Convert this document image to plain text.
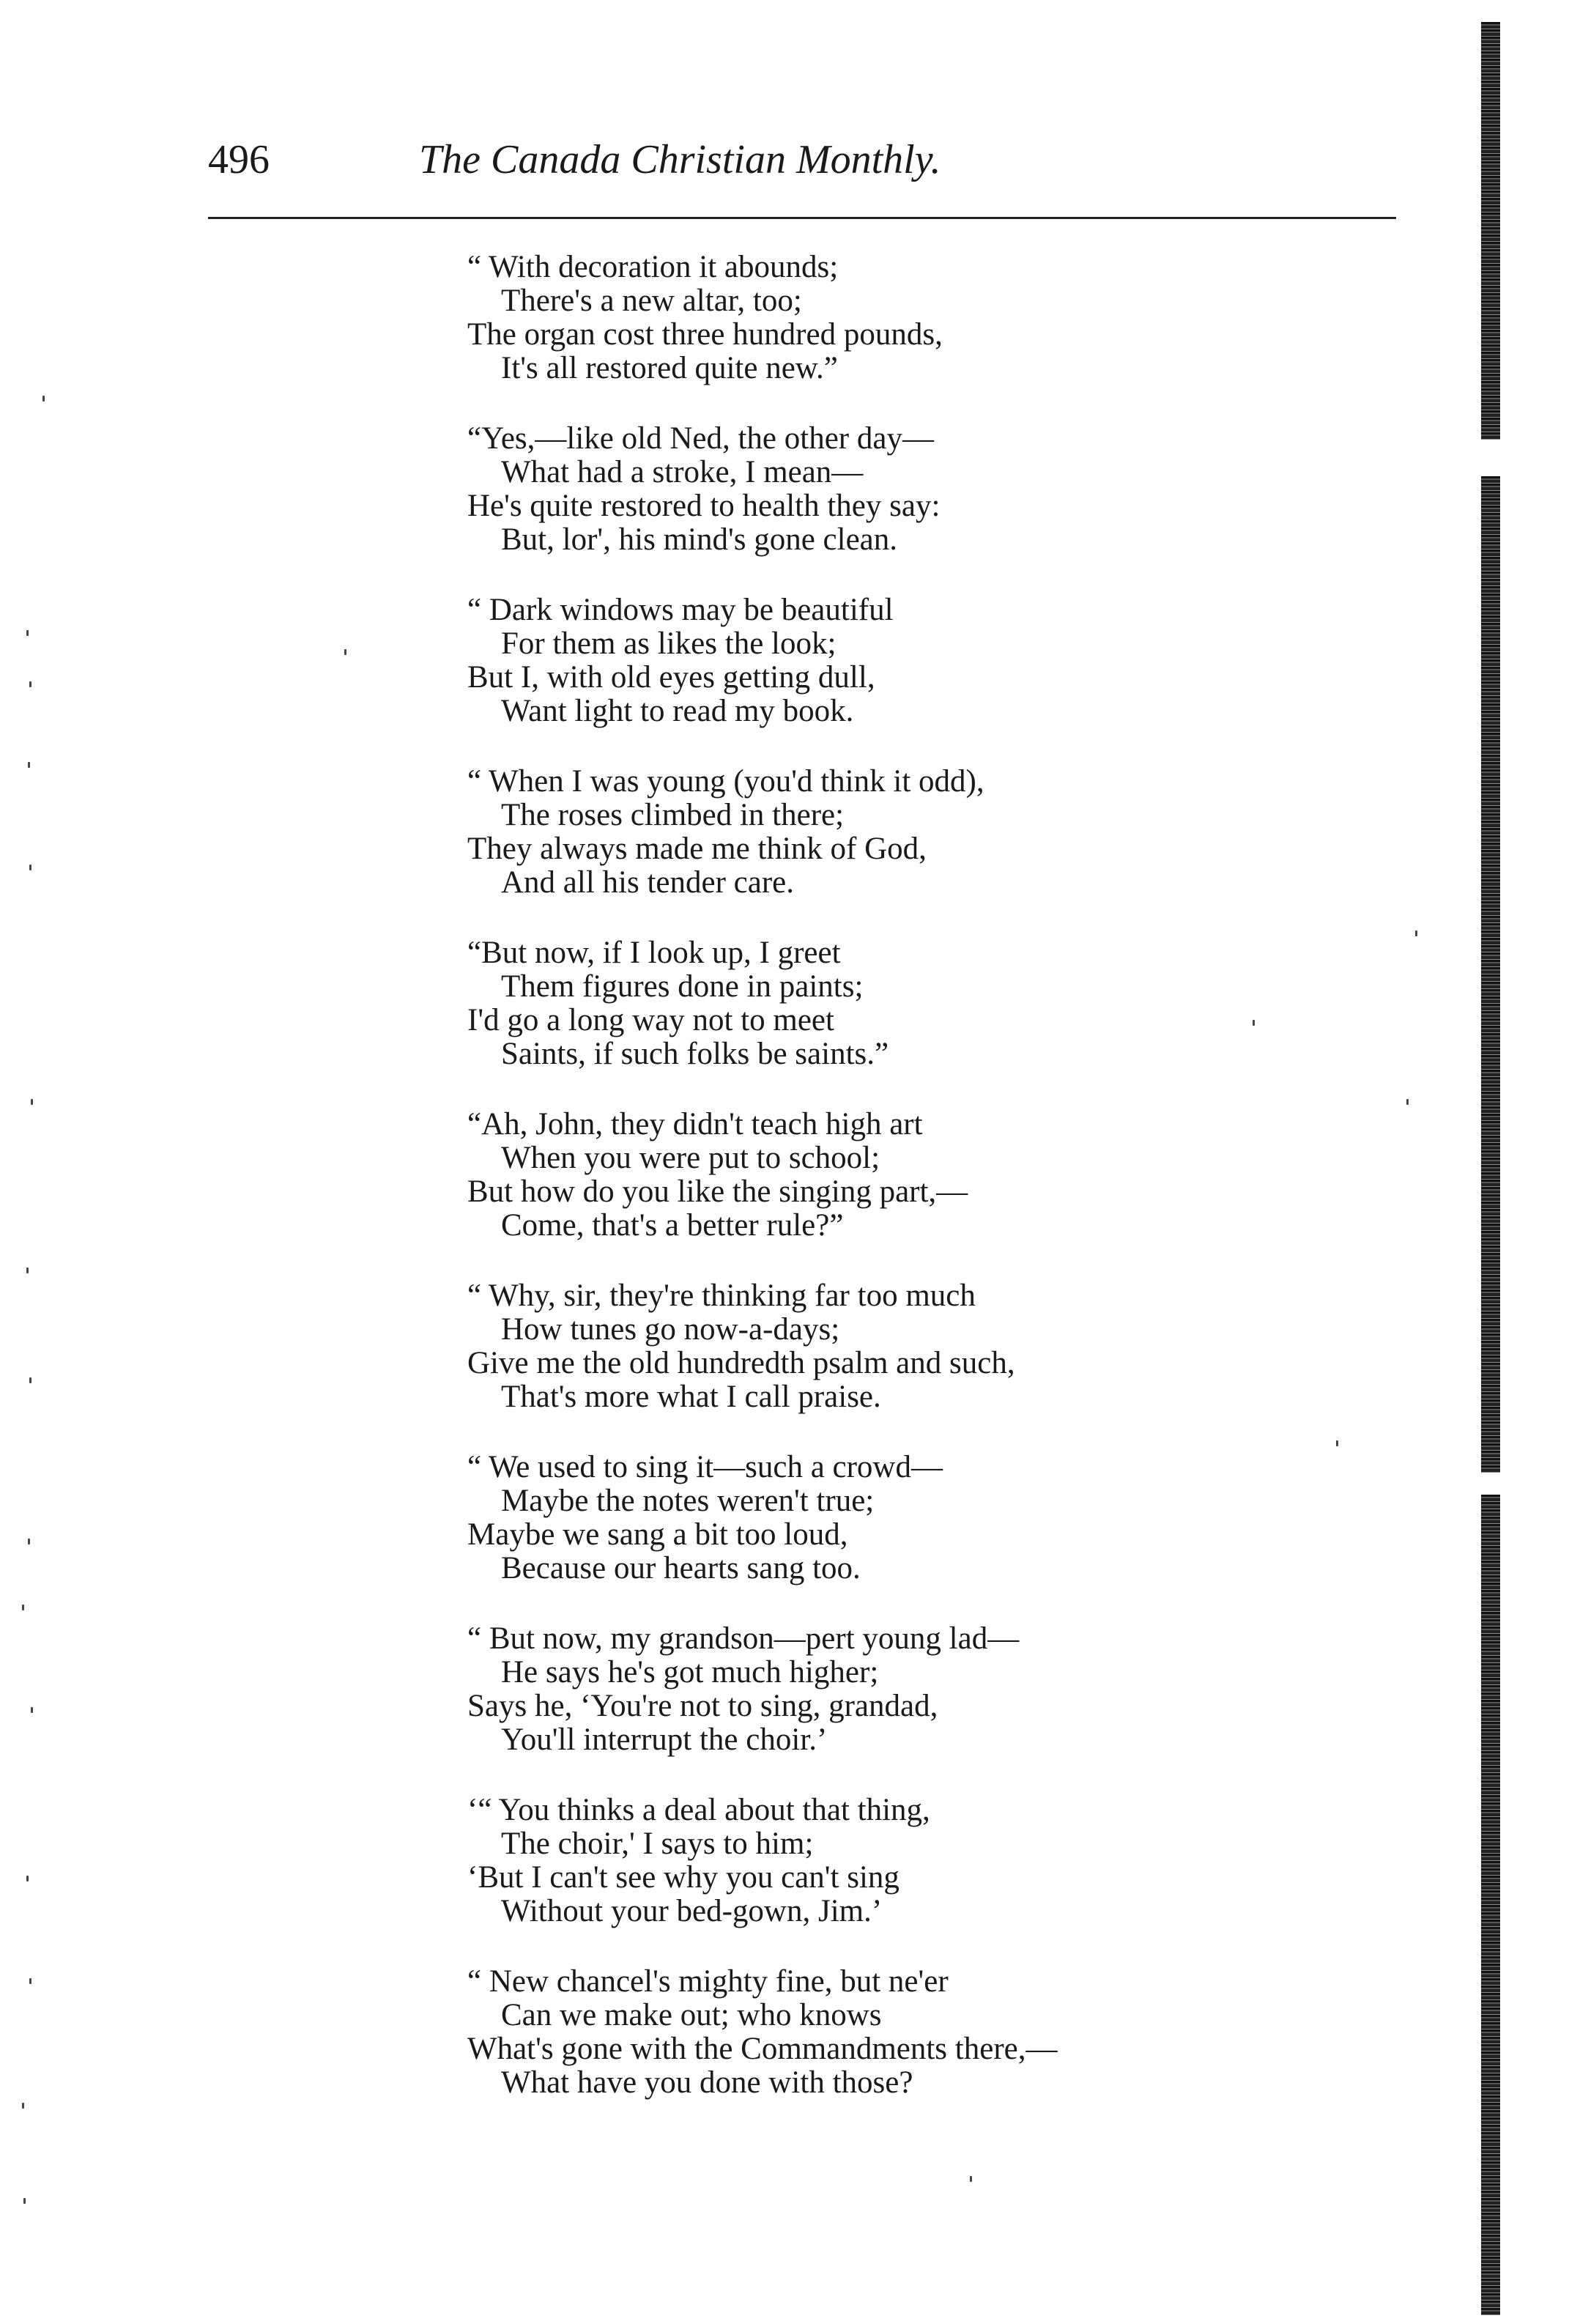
496	The Canada Christian Monthly.
“ With decoration it abounds;
There's a new altar, too;
The organ cost three hundred pounds,
It's all restored quite new.”
“Yes,—like old Ned, the other day—
What had a stroke, I mean—
He's quite restored to health they say:
But, lor', his mind's gone clean.
“ Dark windows may be beautiful
For them as likes the look;
But I, with old eyes getting dull,
Want light to read my book.
“ When I was young (you'd think it odd),
The roses climbed in there;
They always made me think of God,
And all his tender care.
“But now, if I look up, I greet
Them figures done in paints;
I'd go a long way not to meet
Saints, if such folks be saints.”
“Ah, John, they didn't teach high art
When you were put to school;
But how do you like the singing part,—
Come, that's a better rule?”
“ Why, sir, they're thinking far too much
How tunes go now-a-days;
Give me the old hundredth psalm and such,
That's more what I call praise.
“ We used to sing it—such a crowd—
Maybe the notes weren't true;
Maybe we sang a bit too loud,
Because our hearts sang too.
“ But now, my grandson—pert young lad—
He says he's got much higher;
Says he, ‘You're not to sing, grandad,
You'll interrupt the choir.’
‘“ You thinks a deal about that thing,
The choir,' I says to him;
‘But I can't see why you can't sing
Without your bed-gown, Jim.’
“ New chancel's mighty fine, but ne'er
Can we make out; who knows
What's gone with the Commandments there,—
What have you done with those?
